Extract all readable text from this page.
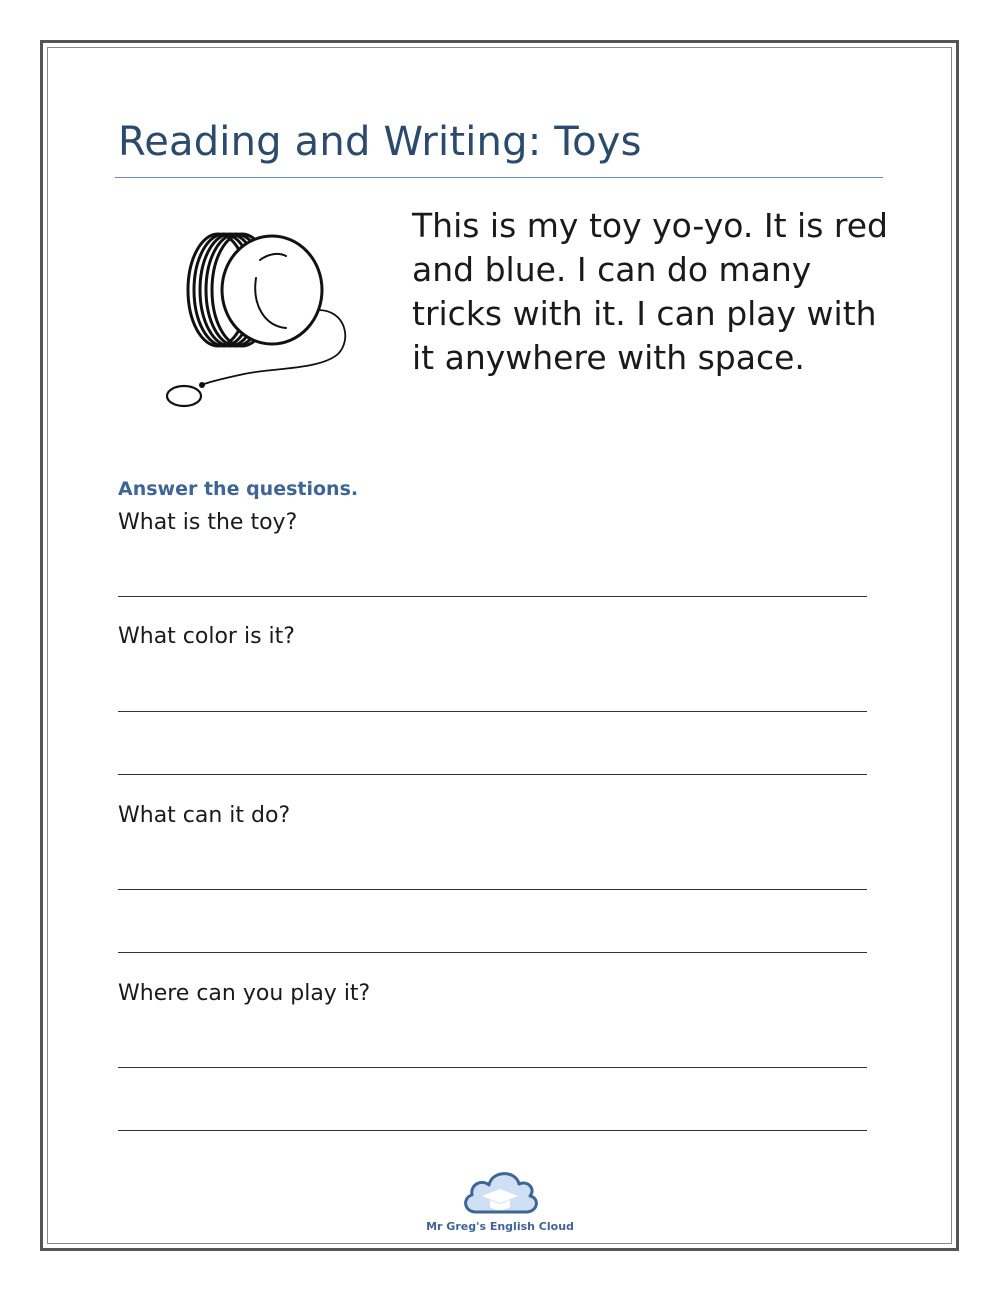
Reading and Writing: Toys
This is my toy yo-yo. It is red and blue. I can do many tricks with it. I can play with it anywhere with space.
Answer the questions.
What is the toy?
What color is it?
What can it do?
Where can you play it?
Mr Greg's English Cloud
